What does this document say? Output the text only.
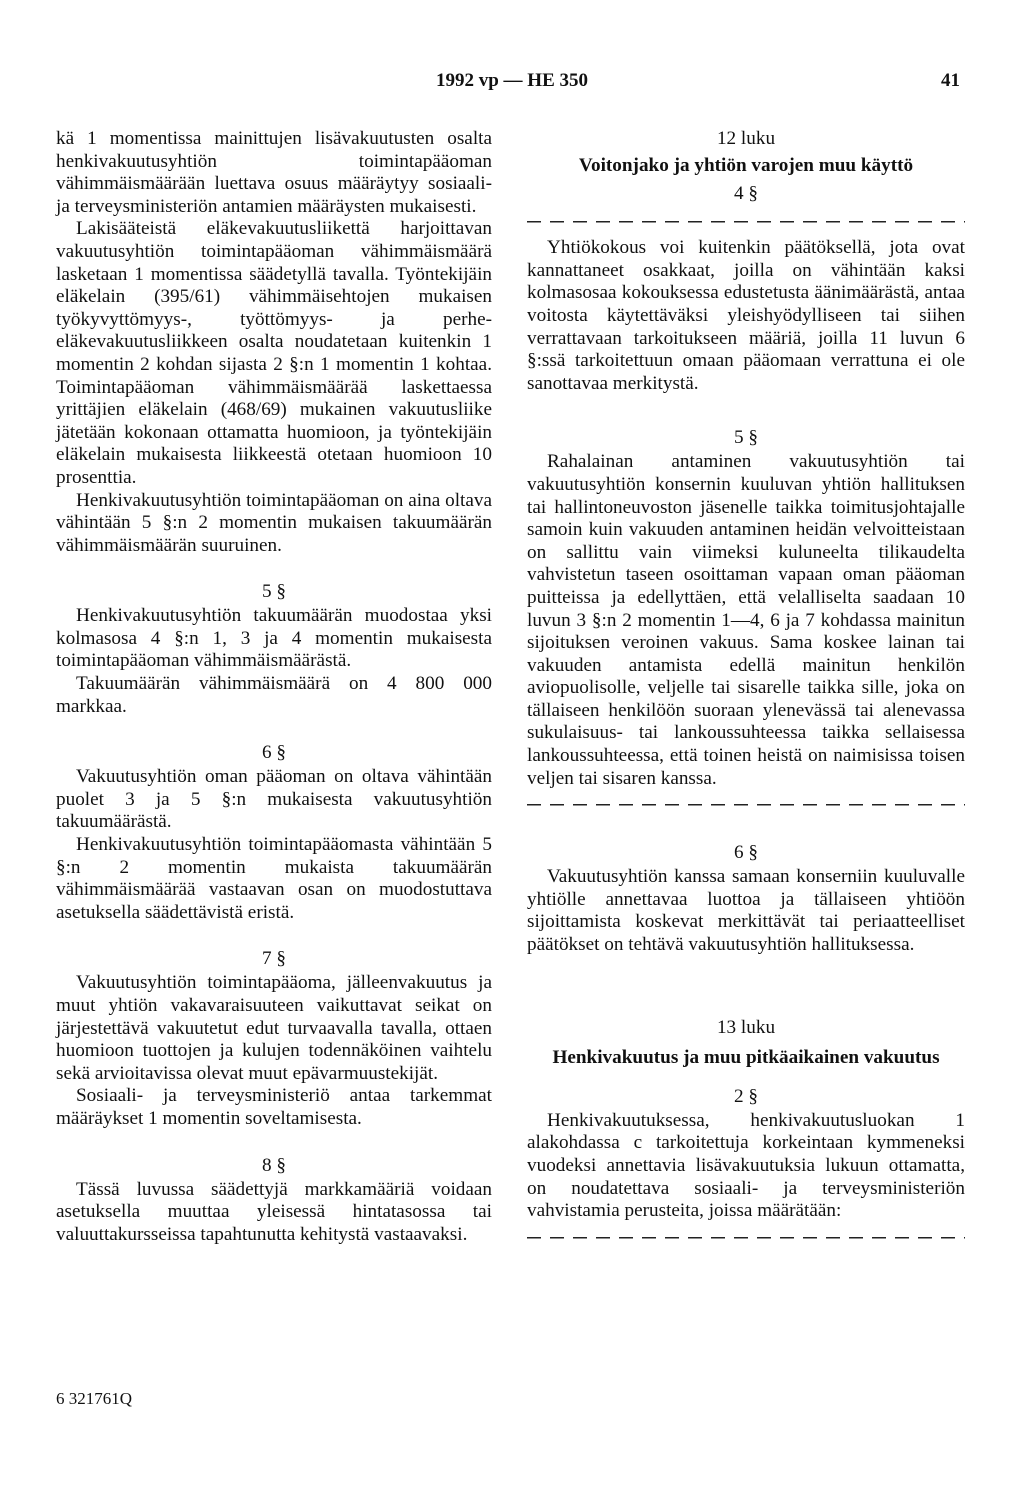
1992 vp — HE 350	41

kä 1 momentissa mainittujen lisävakuutusten osalta henkivakuutusyhtiön toimintapääoman vähimmäismäärään luettava osuus määräytyy sosiaali- ja terveysministeriön antamien määräysten mukaisesti.

Lakisääteistä eläkevakuutusliikettä harjoittavan vakuutusyhtiön toimintapääoman vähimmäismäärä lasketaan 1 momentissa säädetyllä tavalla. Työntekijäin eläkelain (395/61) vähimmäisehtojen mukaisen työkyvyttömyys-, työttömyys- ja perhe-eläkevakuutusliikkeen osalta noudatetaan kuitenkin 1 momentin 2 kohdan sijasta 2 §:n 1 momentin 1 kohtaa. Toimintapääoman vähimmäismäärää laskettaessa yrittäjien eläkelain (468/69) mukainen vakuutusliike jätetään kokonaan ottamatta huomioon, ja työntekijäin eläkelain mukaisesta liikkeestä otetaan huomioon 10 prosenttia.

Henkivakuutusyhtiön toimintapääoman on aina oltava vähintään 5 §:n 2 momentin mukaisen takuumäärän vähimmäismäärän suuruinen.

5 §

Henkivakuutusyhtiön takuumäärän muodostaa yksi kolmasosa 4 §:n 1, 3 ja 4 momentin mukaisesta toimintapääoman vähimmäismäärästä.

Takuumäärän vähimmäismäärä on 4 800 000 markkaa.

6 §

Vakuutusyhtiön oman pääoman on oltava vähintään puolet 3 ja 5 §:n mukaisesta vakuutusyhtiön takuumäärästä.

Henkivakuutusyhtiön toimintapääomasta vähintään 5 §:n 2 momentin mukaista takuumäärän vähimmäismäärää vastaavan osan on muodostuttava asetuksella säädettävistä eristä.

7 §

Vakuutusyhtiön toimintapääoma, jälleenvakuutus ja muut yhtiön vakavaraisuuteen vaikuttavat seikat on järjestettävä vakuutetut edut turvaavalla tavalla, ottaen huomioon tuottojen ja kulujen todennäköinen vaihtelu sekä arvioitavissa olevat muut epävarmuustekijät.

Sosiaali- ja terveysministeriö antaa tarkemmat määräykset 1 momentin soveltamisesta.

8 §

Tässä luvussa säädettyjä markkamääriä voidaan asetuksella muuttaa yleisessä hintatasossa tai valuuttakursseissa tapahtunutta kehitystä vastaavaksi.

12 luku
Voitonjako ja yhtiön varojen muu käyttö
4 §

Yhtiökokous voi kuitenkin päätöksellä, jota ovat kannattaneet osakkaat, joilla on vähintään kaksi kolmasosaa kokouksessa edustetusta äänimäärästä, antaa voitosta käytettäväksi yleishyödylliseen tai siihen verrattavaan tarkoitukseen määriä, joilla 11 luvun 6 §:ssä tarkoitettuun omaan pääomaan verrattuna ei ole sanottavaa merkitystä.

5 §

Rahalainan antaminen vakuutusyhtiön tai vakuutusyhtiön konsernin kuuluvan yhtiön hallituksen tai hallintoneuvoston jäsenelle taikka toimitusjohtajalle samoin kuin vakuuden antaminen heidän velvoitteistaan on sallittu vain viimeksi kuluneelta tilikaudelta vahvistetun taseen osoittaman vapaan oman pääoman puitteissa ja edellyttäen, että velalliselta saadaan 10 luvun 3 §:n 2 momentin 1—4, 6 ja 7 kohdassa mainitun sijoituksen veroinen vakuus. Sama koskee lainan tai vakuuden antamista edellä mainitun henkilön aviopuolisolle, veljelle tai sisarelle taikka sille, joka on tällaiseen henkilöön suoraan ylenevässä tai alenevassa sukulaisuus- tai lankoussuhteessa taikka sellaisessa lankoussuhteessa, että toinen heistä on naimisissa toisen veljen tai sisaren kanssa.

6 §

Vakuutusyhtiön kanssa samaan konserniin kuuluvalle yhtiölle annettavaa luottoa ja tällaiseen yhtiöön sijoittamista koskevat merkittävät tai periaatteelliset päätökset on tehtävä vakuutusyhtiön hallituksessa.

13 luku
Henkivakuutus ja muu pitkäaikainen vakuutus
2 §

Henkivakuutuksessa, henkivakuutusluokan 1 alakohdassa c tarkoitettuja korkeintaan kymmeneksi vuodeksi annettavia lisävakuutuksia lukuun ottamatta, on noudatettava sosiaali- ja terveysministeriön vahvistamia perusteita, joissa määrätään:

6 321761Q
